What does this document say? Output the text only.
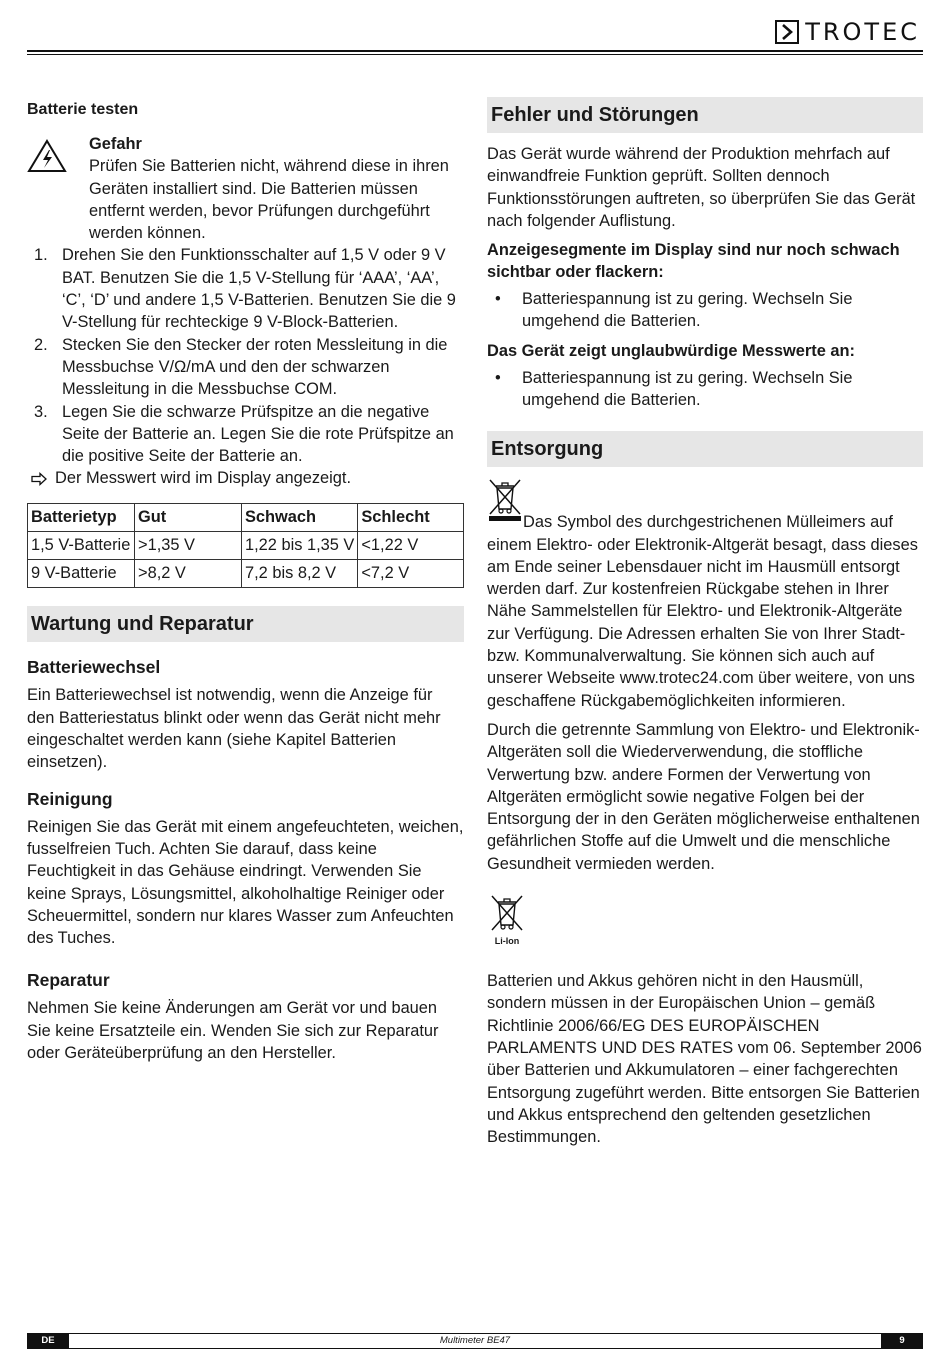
TROTEC

Batterie testen

Gefahr

Prüfen Sie Batterien nicht, während diese in ihren Geräten installiert sind. Die Batterien müssen entfernt werden, bevor Prüfungen durchgeführt werden können.

1. Drehen Sie den Funktionsschalter auf 1,5 V oder 9 V BAT. Benutzen Sie die 1,5 V-Stellung für ‘AAA’, ‘AA’, ‘C’, ‘D’ und andere 1,5 V-Batterien. Benutzen Sie die 9 V-Stellung für rechteckige 9 V-Block-Batterien.
2. Stecken Sie den Stecker der roten Messleitung in die Messbuchse V/Ω/mA und den der schwarzen Messleitung in die Messbuchse COM.
3. Legen Sie die schwarze Prüfspitze an die negative Seite der Batterie an. Legen Sie die rote Prüfspitze an die positive Seite der Batterie an.
Der Messwert wird im Display angezeigt.
Batterietyp	Gut	Schwach	Schlecht
1,5 V-Batterie	>1,35 V	1,22 bis 1,35 V	<1,22 V
9 V-Batterie	>8,2 V	7,2 bis 8,2 V	<7,2 V

Wartung und Reparatur

Batteriewechsel

Ein Batteriewechsel ist notwendig, wenn die Anzeige für den Batteriestatus blinkt oder wenn das Gerät nicht mehr eingeschaltet werden kann (siehe Kapitel Batterien einsetzen).

Reinigung

Reinigen Sie das Gerät mit einem angefeuchteten, weichen, fusselfreien Tuch. Achten Sie darauf, dass keine Feuchtigkeit in das Gehäuse eindringt. Verwenden Sie keine Sprays, Lösungsmittel, alkoholhaltige Reiniger oder Scheuermittel, sondern nur klares Wasser zum Anfeuchten des Tuches.

Reparatur

Nehmen Sie keine Änderungen am Gerät vor und bauen Sie keine Ersatzteile ein. Wenden Sie sich zur Reparatur oder Geräteüberprüfung an den Hersteller.

Fehler und Störungen

Das Gerät wurde während der Produktion mehrfach auf einwandfreie Funktion geprüft. Sollten dennoch Funktionsstörungen auftreten, so überprüfen Sie das Gerät nach folgender Auflistung.

Anzeigesegmente im Display sind nur noch schwach sichtbar oder flackern:

•	Batteriespannung ist zu gering. Wechseln Sie umgehend die Batterien.

Das Gerät zeigt unglaubwürdige Messwerte an:

•	Batteriespannung ist zu gering. Wechseln Sie umgehend die Batterien.

Entsorgung

Das Symbol des durchgestrichenen Mülleimers auf einem Elektro- oder Elektronik-Altgerät besagt, dass dieses am Ende seiner Lebensdauer nicht im Hausmüll entsorgt werden darf. Zur kostenfreien Rückgabe stehen in Ihrer Nähe Sammelstellen für Elektro- und Elektronik-Altgeräte zur Verfügung. Die Adressen erhalten Sie von Ihrer Stadt- bzw. Kommunalverwaltung. Sie können sich auch auf unserer Webseite www.trotec24.com über weitere, von uns geschaffene Rückgabemöglichkeiten informieren.

Durch die getrennte Sammlung von Elektro- und Elektronik-Altgeräten soll die Wiederverwendung, die stoffliche Verwertung bzw. andere Formen der Verwertung von Altgeräten ermöglicht sowie negative Folgen bei der Entsorgung der in den Geräten möglicherweise enthaltenen gefährlichen Stoffe auf die Umwelt und die menschliche Gesundheit vermieden werden.

Li-Ion

Batterien und Akkus gehören nicht in den Hausmüll, sondern müssen in der Europäischen Union – gemäß Richtlinie 2006/66/EG DES EUROPÄISCHEN PARLAMENTS UND DES RATES vom 06. September 2006 über Batterien und Akkumulatoren – einer fachgerechten Entsorgung zugeführt werden. Bitte entsorgen Sie Batterien und Akkus entsprechend den geltenden gesetzlichen Bestimmungen.

DE	Multimeter BE47	9
